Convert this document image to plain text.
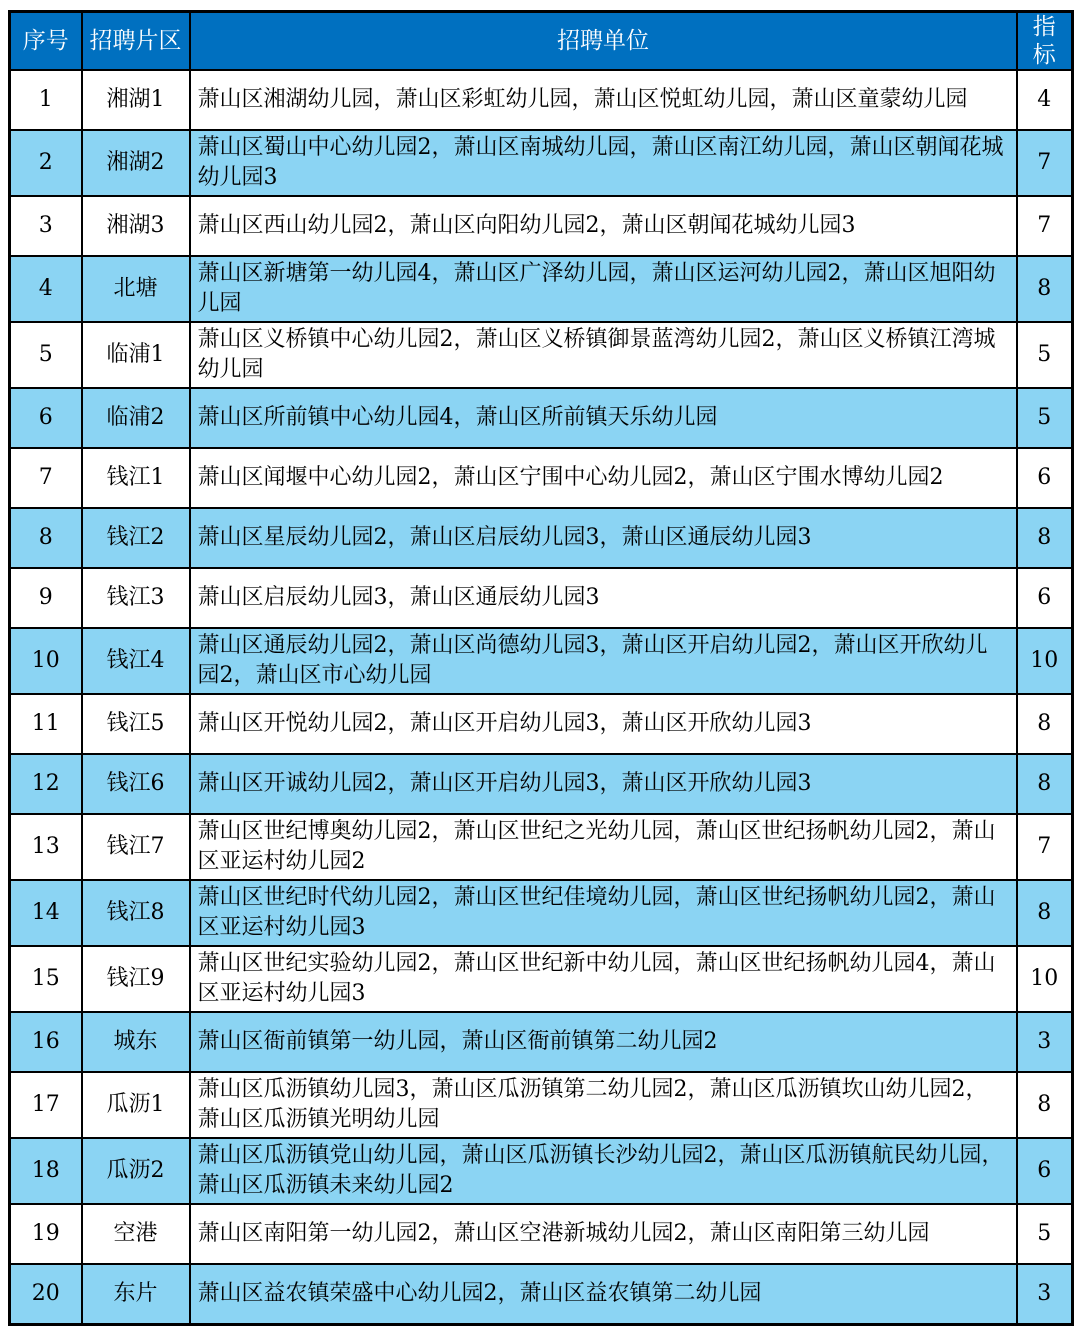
序号	招聘片区	招聘单位	指标
1	湘湖1	萧山区湘湖幼儿园，萧山区彩虹幼儿园，萧山区悦虹幼儿园，萧山区童蒙幼儿园	4
2	湘湖2	萧山区蜀山中心幼儿园2，萧山区南城幼儿园，萧山区南江幼儿园，萧山区朝闻花城幼儿园3	7
3	湘湖3	萧山区西山幼儿园2，萧山区向阳幼儿园2，萧山区朝闻花城幼儿园3	7
4	北塘	萧山区新塘第一幼儿园4，萧山区广泽幼儿园，萧山区运河幼儿园2，萧山区旭阳幼儿园	8
5	临浦1	萧山区义桥镇中心幼儿园2，萧山区义桥镇御景蓝湾幼儿园2，萧山区义桥镇江湾城幼儿园	5
6	临浦2	萧山区所前镇中心幼儿园4，萧山区所前镇天乐幼儿园	5
7	钱江1	萧山区闻堰中心幼儿园2，萧山区宁围中心幼儿园2，萧山区宁围水博幼儿园2	6
8	钱江2	萧山区星辰幼儿园2，萧山区启辰幼儿园3，萧山区通辰幼儿园3	8
9	钱江3	萧山区启辰幼儿园3，萧山区通辰幼儿园3	6
10	钱江4	萧山区通辰幼儿园2，萧山区尚德幼儿园3，萧山区开启幼儿园2，萧山区开欣幼儿园2，萧山区市心幼儿园	10
11	钱江5	萧山区开悦幼儿园2，萧山区开启幼儿园3，萧山区开欣幼儿园3	8
12	钱江6	萧山区开诚幼儿园2，萧山区开启幼儿园3，萧山区开欣幼儿园3	8
13	钱江7	萧山区世纪博奥幼儿园2，萧山区世纪之光幼儿园，萧山区世纪扬帆幼儿园2，萧山区亚运村幼儿园2	7
14	钱江8	萧山区世纪时代幼儿园2，萧山区世纪佳境幼儿园，萧山区世纪扬帆幼儿园2，萧山区亚运村幼儿园3	8
15	钱江9	萧山区世纪实验幼儿园2，萧山区世纪新中幼儿园，萧山区世纪扬帆幼儿园4，萧山区亚运村幼儿园3	10
16	城东	萧山区衙前镇第一幼儿园，萧山区衙前镇第二幼儿园2	3
17	瓜沥1	萧山区瓜沥镇幼儿园3，萧山区瓜沥镇第二幼儿园2，萧山区瓜沥镇坎山幼儿园2，萧山区瓜沥镇光明幼儿园	8
18	瓜沥2	萧山区瓜沥镇党山幼儿园，萧山区瓜沥镇长沙幼儿园2，萧山区瓜沥镇航民幼儿园，萧山区瓜沥镇未来幼儿园2	6
19	空港	萧山区南阳第一幼儿园2，萧山区空港新城幼儿园2，萧山区南阳第三幼儿园	5
20	东片	萧山区益农镇荣盛中心幼儿园2，萧山区益农镇第二幼儿园	3
